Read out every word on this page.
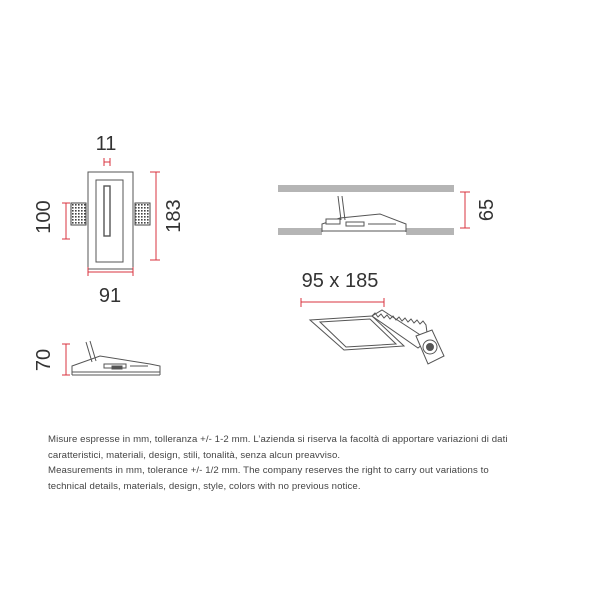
11
100	183
91
70
65
95 x 185

Misure espresse in mm, tolleranza +/- 1-2 mm. L’azienda si riserva la facoltà di apportare variazioni di dati

caratteristici, materiali, design, stili, tonalità, senza alcun preavviso.

Measurements in mm, tolerance +/- 1/2 mm. The company reserves the right to carry out variations to

technical details, materials, design, style, colors with no previous notice.
